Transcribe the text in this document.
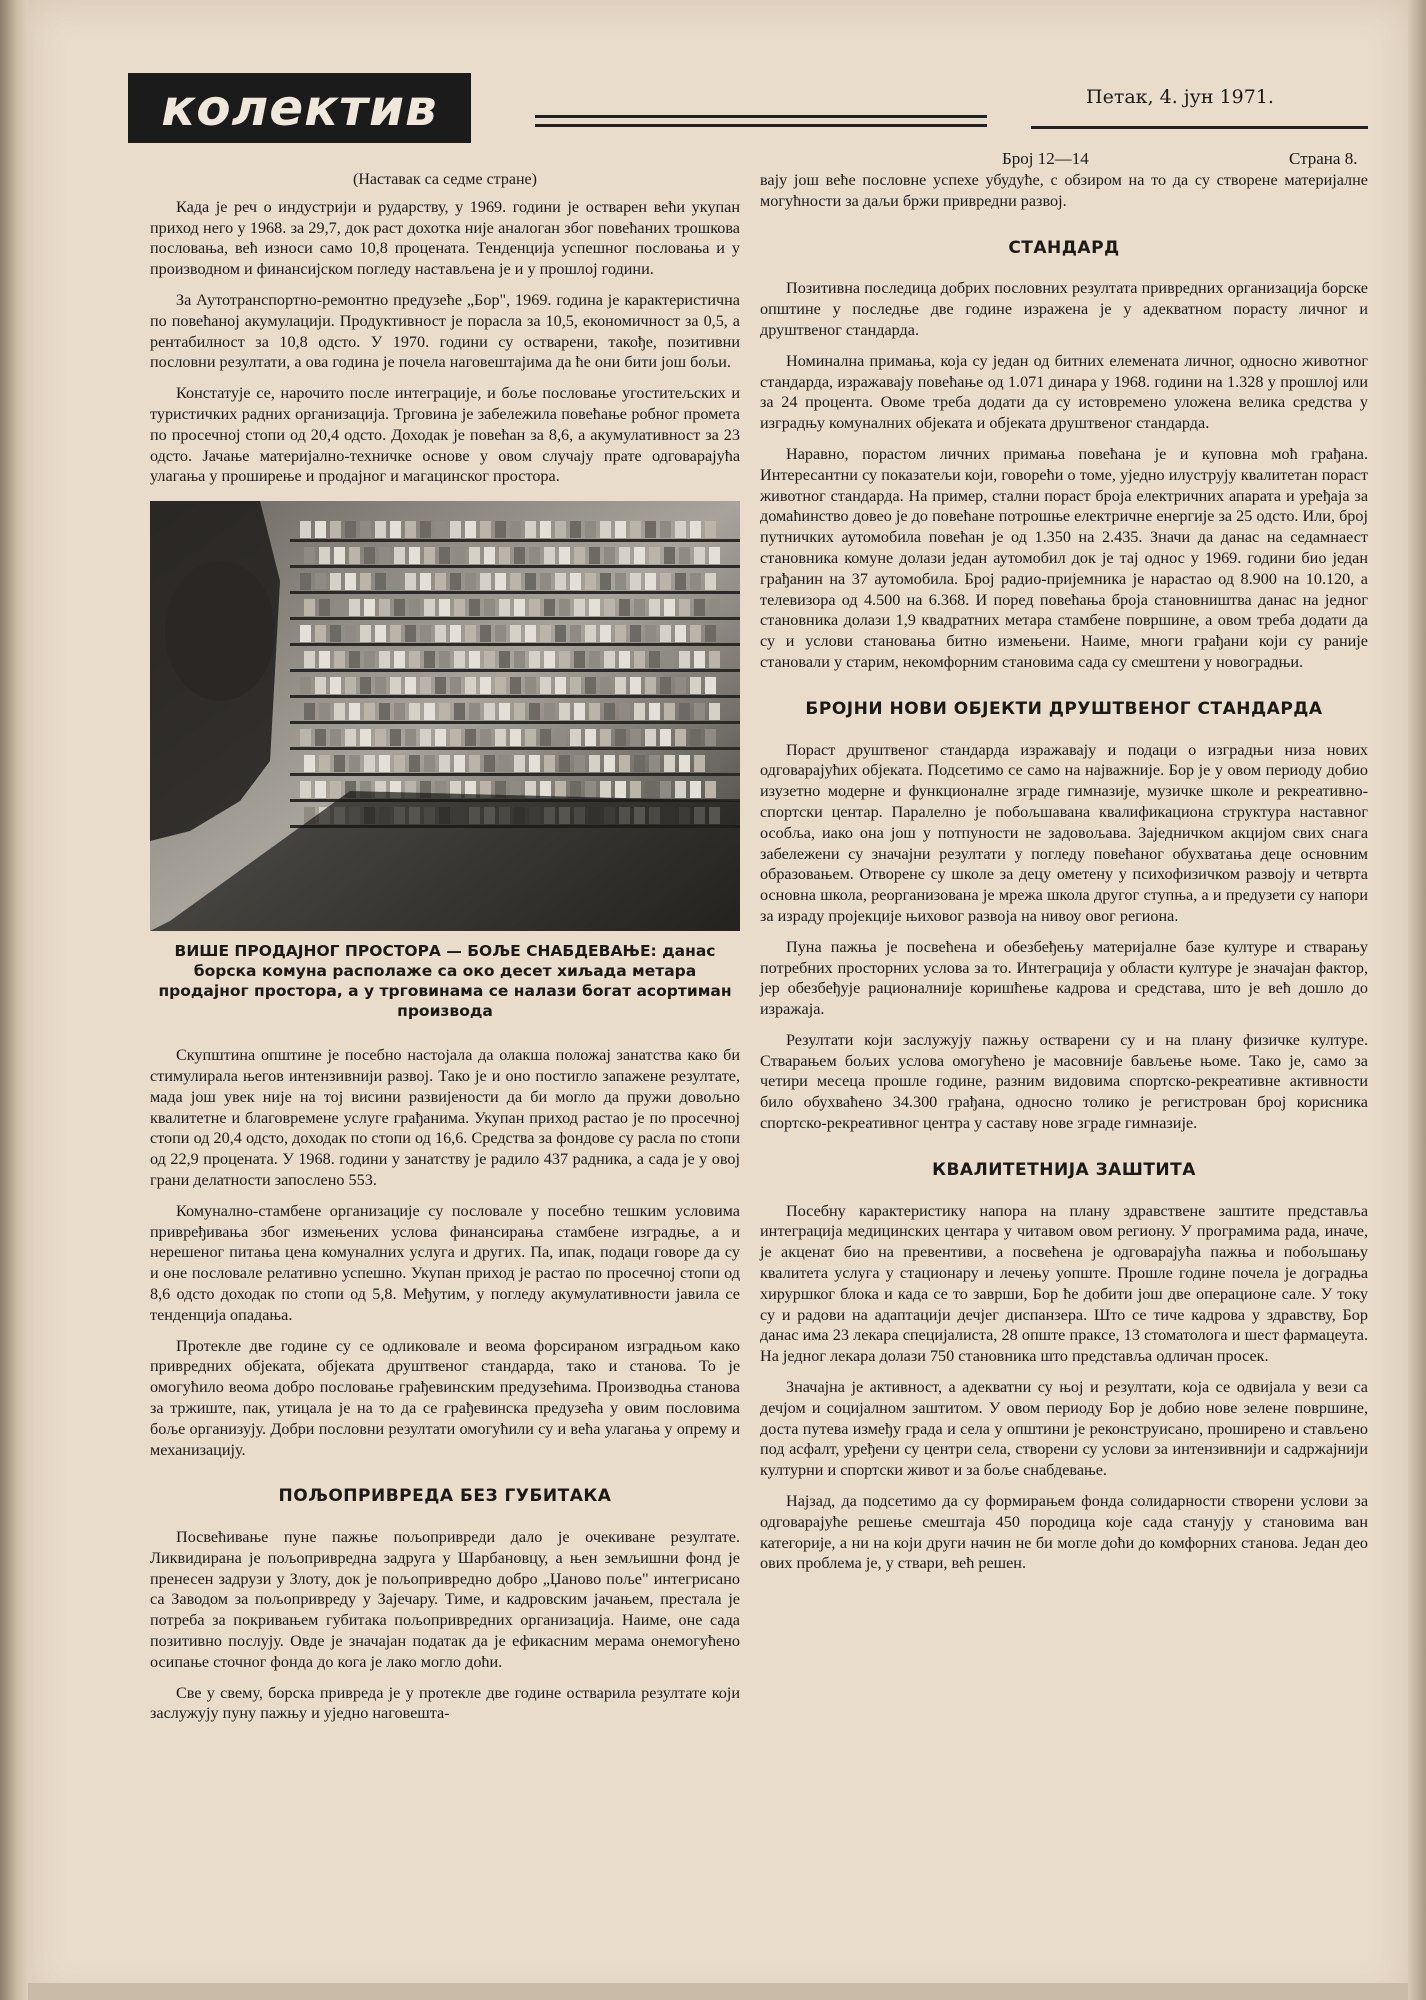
колектив	Петак, 4. јун 1971.
Број 12—14	Страна 8.
(Наставак са седме стране)

Када је реч о индустрији и рударству, у 1969. години је остварен већи укупан приход него у 1968. за 29,7, док раст дохотка није аналоган због повећаних трошкова пословања, већ износи само 10,8 процената. Тенденција успешног пословања и у производном и финансијском погледу настављена је и у прошлој години.

За Аутотранспортно-ремонтно предузеће „Бор", 1969. година је карактеристична по повећаној акумулацији. Продуктивност је порасла за 10,5, економичност за 0,5, а рентабилност за 10,8 одсто. У 1970. години су остварени, такође, позитивни пословни резултати, а ова година је почела наговештајима да ће они бити још бољи.

Констатује се, нарочито после интеграције, и боље пословање угоститељских и туристичких радних организација. Трговина је забележила повећање робног промета по просечној стопи од 20,4 одсто. Доходак је повећан за 8,6, а акумулативност за 23 одсто. Јачање материјално-техничке основе у овом случају прате одговарајућа улагања у проширење и продајног и магацинског простора.

ВИШЕ ПРОДАЈНОГ ПРОСТОРА — БОЉЕ СНАБДЕВАЊЕ: данас борска комуна располаже са око десет хиљада метара продајног простора, а у трговинама се налази богат асортиман производа

Скупштина општине је посебно настојала да олакша положај занатства како би стимулирала његов интензивнији развој. Тако је и оно постигло запажене резултате, мада још увек није на тој висини развијености да би могло да пружи довољно квалитетне и благовремене услуге грађанима. Укупан приход растао је по просечној стопи од 20,4 одсто, доходак по стопи од 16,6. Средства за фондове су расла по стопи од 22,9 процената. У 1968. години у занатству је радило 437 радника, а сада је у овој грани делатности запослено 553.

Комунално-стамбене организације су пословале у посебно тешким условима привређивања због измењених услова финансирања стамбене изградње, а и нерешеног питања цена комуналних услуга и других. Па, ипак, подаци говоре да су и оне пословале релативно успешно. Укупан приход је растао по просечној стопи од 8,6 одсто доходак по стопи од 5,8. Међутим, у погледу акумулативности јавила се тенденција опадања.

Протекле две године су се одликовале и веома форсираном изградњом како привредних објеката, објеката друштвеног стандарда, тако и станова. То је омогућило веома добро пословање грађевинским предузећима. Производња станова за тржиште, пак, утицала је на то да се грађевинска предузећа у овим пословима боље организују. Добри пословни резултати омогућили су и већа улагања у опрему и механизацију.

ПОЉОПРИВРЕДА БЕЗ ГУБИТАКА

Посвећивање пуне пажње пољопривреди дало је очекиване резултате. Ликвидирана је пољопривредна задруга у Шарбановцу, а њен земљишни фонд је пренесен задрузи у Злоту, док је пољопривредно добро „Џаново поље" интегрисано са Заводом за пољопривреду у Зајечару. Тиме, и кадровским јачањем, престала је потреба за покривањем губитака пољопривредних организација. Наиме, оне сада позитивно послују. Овде је значајан податак да је ефикасним мерама онемогућено осипање сточног фонда до кога је лако могло доћи.

Све у свему, борска привреда је у протекле две године остварила резултате који заслужују пуну пажњу и уједно наговешта-

вају још веће пословне успехе убудуће, с обзиром на то да су створене материјалне могућности за даљи бржи привредни развој.

СТАНДАРД

Позитивна последица добрих пословних резултата привредних организација борске општине у последње две године изражена је у адекватном порасту личног и друштвеног стандарда.

Номинална примања, која су један од битних елемената личног, односно животног стандарда, изражавају повећање од 1.071 динара у 1968. години на 1.328 у прошлој или за 24 процента. Овоме треба додати да су истовремено уложена велика средства у изградњу комуналних објеката и објеката друштвеног стандарда.

Наравно, порастом личних примања повећана је и куповна моћ грађана. Интересантни су показатељи који, говорећи о томе, уједно илуструју квалитетан пораст животног стандарда. На пример, стални пораст броја електричних апарата и уређаја за домаћинство довео је до повећане потрошње електричне енергије за 25 одсто. Или, број путничких аутомобила повећан је од 1.350 на 2.435. Значи да данас на седамнаест становника комуне долази један аутомобил док је тај однос у 1969. години био један грађанин на 37 аутомобила. Број радио-пријемника је нарастао од 8.900 на 10.120, а телевизора од 4.500 на 6.368. И поред повећања броја становништва данас на једног становника долази 1,9 квадратних метара стамбене површине, а овом треба додати да су и услови становања битно измењени. Наиме, многи грађани који су раније становали у старим, некомфорним становима сада су смештени у новоградњи.

БРОЈНИ НОВИ ОБЈЕКТИ ДРУШТВЕНОГ СТАНДАРДА

Пораст друштвеног стандарда изражавају и подаци о изградњи низа нових одговарајућих објеката. Подсетимо се само на најважније. Бор је у овом периоду добио изузетно модерне и функционалне зграде гимназије, музичке школе и рекреативно-спортски центар. Паралелно је побољшавана квалификациона структура наставног особља, иако она још у потпуности не задовољава. Заједничком акцијом свих снага забележени су значајни резултати у погледу повећаног обухватања деце основним образовањем. Отворене су школе за децу ометену у психофизичком развоју и четврта основна школа, реорганизована је мрежа школа другог ступња, а и предузети су напори за израду пројекције њиховог развоја на нивоу овог региона.

Пуна пажња је посвећена и обезбеђењу материјалне базе културе и стварању потребних просторних услова за то. Интеграција у области културе је значајан фактор, јер обезбеђује рационалније коришћење кадрова и средстава, што је већ дошло до изражаја.

Резултати који заслужују пажњу остварени су и на плану физичке културе. Стварањем бољих услова омогућено је масовније бављење њоме. Тако је, само за четири месеца прошле године, разним видовима спортско-рекреативне активности било обухваћено 34.300 грађана, односно толико је регистрован број корисника спортско-рекреативног центра у саставу нове зграде гимназије.

КВАЛИТЕТНИЈА ЗАШТИТА

Посебну карактеристику напора на плану здравствене заштите представља интеграција медицинских центара у читавом овом региону. У програмима рада, иначе, је акценат био на превентиви, а посвећена је одговарајућа пажња и побољшању квалитета услуга у стационару и лечењу уопште. Прошле године почела је доградња хируршког блока и када се то заврши, Бор ће добити још две операционе сале. У току су и радови на адаптацији дечјег диспанзера. Што се тиче кадрова у здравству, Бор данас има 23 лекара специјалиста, 28 опште праксе, 13 стоматолога и шест фармацеута. На једног лекара долази 750 становника што представља одличан просек.

Значајна је активност, а адекватни су њој и резултати, која се одвијала у вези са дечјом и социјалном заштитом. У овом периоду Бор је добио нове зелене површине, доста путева између града и села у општини је реконструисано, проширено и стављено под асфалт, уређени су центри села, створени су услови за интензивнији и садржајнији културни и спортски живот и за боље снабдевање.

Најзад, да подсетимо да су формирањем фонда солидарности створени услови за одговарајуће решење смештаја 450 породица које сада станују у становима ван категорије, а ни на који други начин не би могле доћи до комфорних станова. Један део ових проблема је, у ствари, већ решен.
